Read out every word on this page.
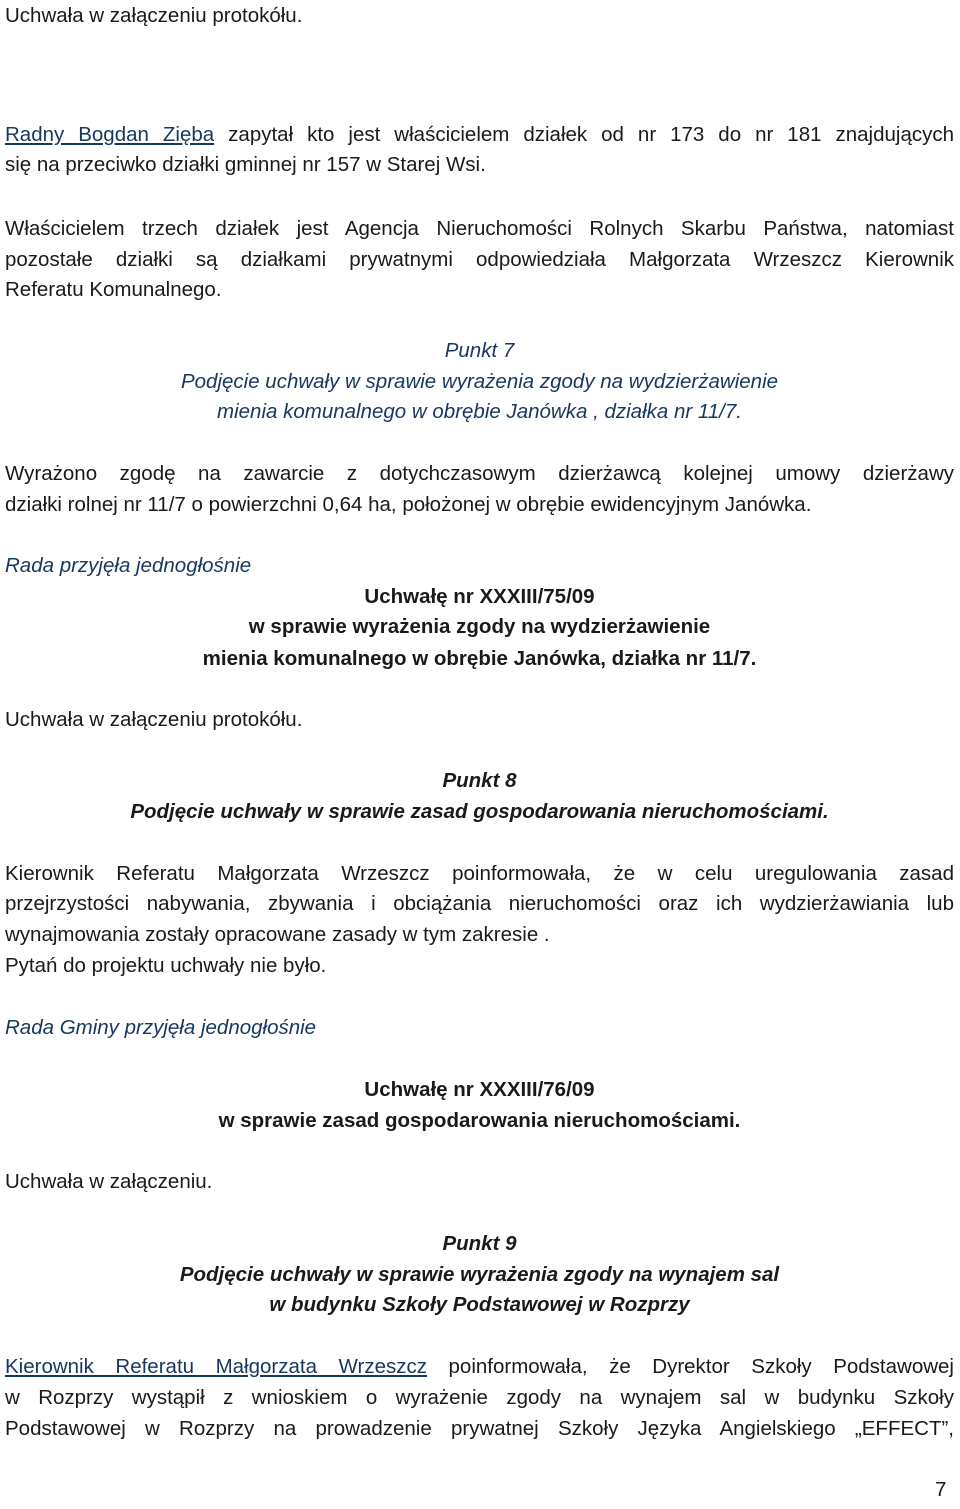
Uchwała w załączeniu protokółu.
Radny Bogdan Zięba zapytał kto jest właścicielem działek od nr 173 do nr 181 znajdujących
się na przeciwko działki gminnej nr 157 w Starej Wsi.
Właścicielem trzech działek jest Agencja Nieruchomości Rolnych Skarbu Państwa, natomiast
pozostałe działki są działkami prywatnymi odpowiedziała Małgorzata Wrzeszcz Kierownik
Referatu Komunalnego.
Punkt 7
Podjęcie uchwały w sprawie wyrażenia zgody na wydzierżawienie
mienia komunalnego w obrębie Janówka , działka nr 11/7.
Wyrażono zgodę na zawarcie z dotychczasowym dzierżawcą kolejnej umowy dzierżawy
działki rolnej nr 11/7 o powierzchni 0,64 ha, położonej w obrębie ewidencyjnym Janówka.
Rada przyjęła jednogłośnie
Uchwałę nr XXXIII/75/09
w sprawie wyrażenia zgody na wydzierżawienie
mienia komunalnego w obrębie Janówka, działka nr 11/7.
Uchwała w załączeniu protokółu.
Punkt 8
Podjęcie uchwały w sprawie zasad gospodarowania nieruchomościami.
Kierownik Referatu Małgorzata Wrzeszcz poinformowała, że w celu uregulowania zasad
przejrzystości nabywania, zbywania i obciążania nieruchomości oraz ich wydzierżawiania lub
wynajmowania zostały opracowane zasady w tym zakresie .
Pytań do projektu uchwały nie było.
Rada Gminy przyjęła jednogłośnie
Uchwałę nr XXXIII/76/09
w sprawie zasad gospodarowania nieruchomościami.
Uchwała w załączeniu.
Punkt 9
Podjęcie uchwały w sprawie wyrażenia zgody na wynajem sal
w budynku Szkoły Podstawowej w Rozprzy
Kierownik Referatu Małgorzata Wrzeszcz poinformowała, że Dyrektor Szkoły Podstawowej
w Rozprzy wystąpił z wnioskiem o wyrażenie zgody na wynajem sal w budynku Szkoły
Podstawowej w Rozprzy na prowadzenie prywatnej Szkoły Języka Angielskiego „EFFECT”,
7
